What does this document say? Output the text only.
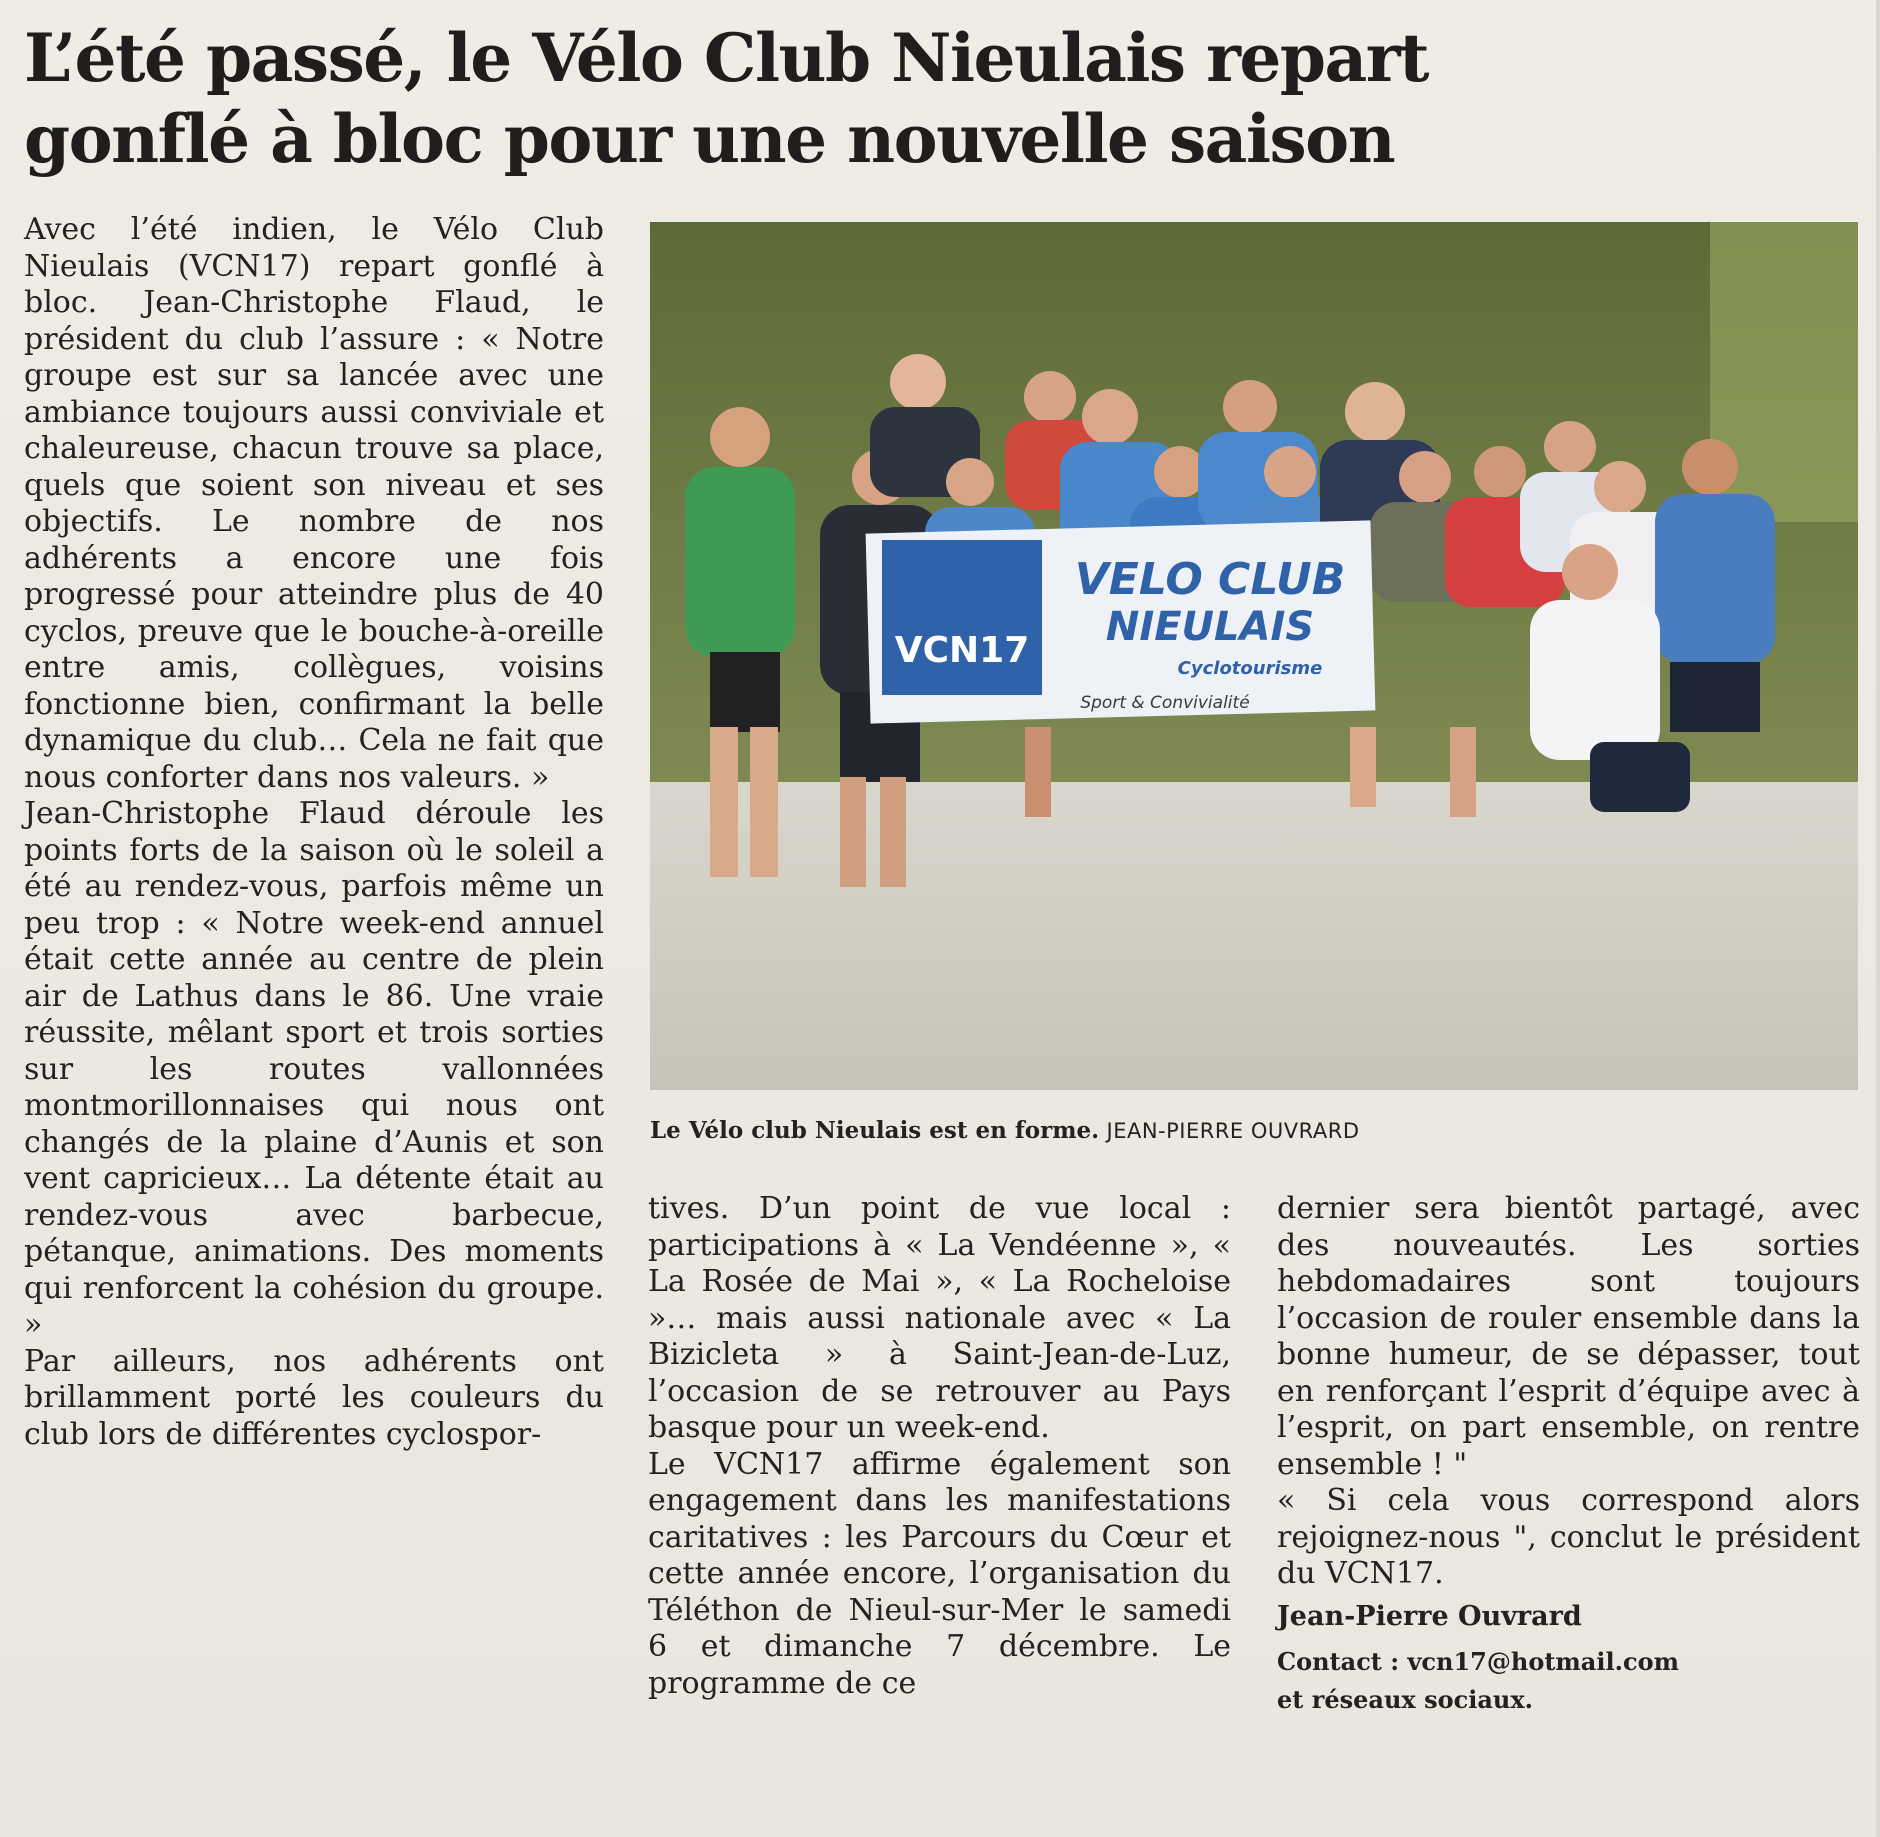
L’été passé, le Vélo Club Nieulais repart
gonflé à bloc pour une nouvelle saison

Avec l’été indien, le Vélo Club Nieulais (VCN17) repart gonflé à bloc. Jean-Christophe Flaud, le président du club l’assure : « Notre groupe est sur sa lancée avec une ambiance toujours aussi conviviale et chaleureuse, chacun trouve sa place, quels que soient son niveau et ses objectifs. Le nombre de nos adhérents a encore une fois progressé pour atteindre plus de 40 cyclos, preuve que le bouche-à-oreille entre amis, collègues, voisins fonctionne bien, confirmant la belle dynamique du club… Cela ne fait que nous conforter dans nos valeurs. »

Jean-Christophe Flaud déroule les points forts de la saison où le soleil a été au rendez-vous, parfois même un peu trop : « Notre week-end annuel était cette année au centre de plein air de Lathus dans le 86. Une vraie réussite, mêlant sport et trois sorties sur les routes vallonnées montmorillonnaises qui nous ont changés de la plaine d’Aunis et son vent capricieux… La détente était au rendez-vous avec barbecue, pétanque, animations. Des moments qui renforcent la cohésion du groupe. »

Par ailleurs, nos adhérents ont brillamment porté les couleurs du club lors de différentes cyclospor-

VCN17
VELO CLUB
NIEULAIS
Cyclotourisme
Sport & Convivialité
Le Vélo club Nieulais est en forme. JEAN-PIERRE OUVRARD

tives. D’un point de vue local : participations à « La Vendéenne », « La Rosée de Mai », « La Rocheloise »… mais aussi nationale avec « La Bizicleta » à Saint-Jean-de-Luz, l’occasion de se retrouver au Pays basque pour un week-end.

Le VCN17 affirme également son engagement dans les manifestations caritatives : les Parcours du Cœur et cette année encore, l’organisation du Téléthon de Nieul-sur-Mer le samedi 6 et dimanche 7 décembre. Le programme de ce

dernier sera bientôt partagé, avec des nouveautés. Les sorties hebdomadaires sont toujours l’occasion de rouler ensemble dans la bonne humeur, de se dépasser, tout en renforçant l’esprit d’équipe avec à l’esprit, on part ensemble, on rentre ensemble ! "

« Si cela vous correspond alors rejoignez-nous ", conclut le président du VCN17.

Jean-Pierre Ouvrard
Contact : vcn17@hotmail.com
et réseaux sociaux.
